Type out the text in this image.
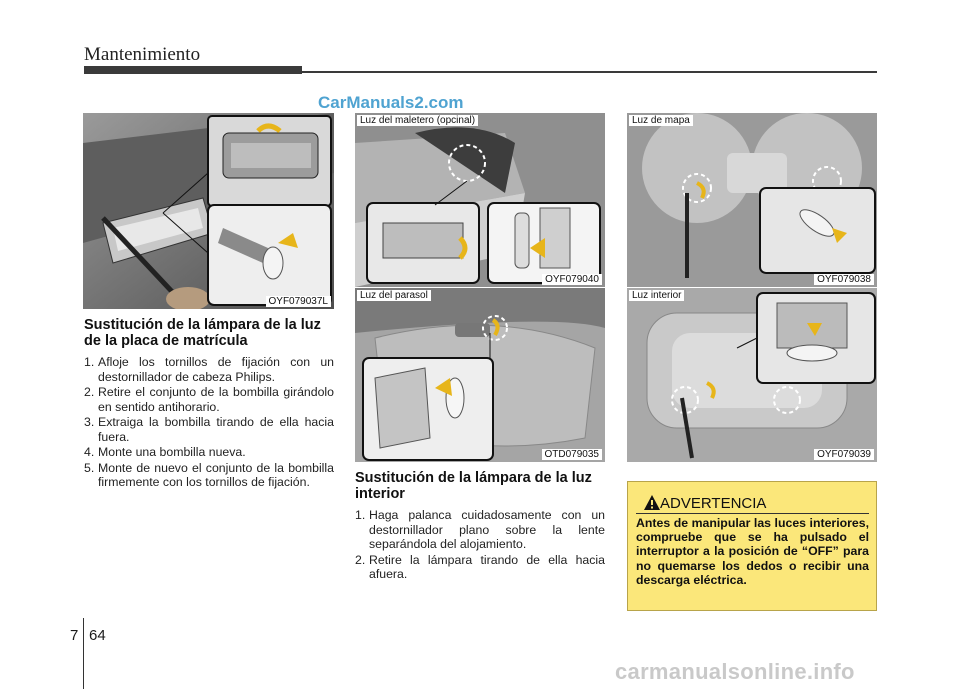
Mantenimiento
OYF079037L
Sustitución de la lámpara de la luz de la placa de matrícula
1. Afloje los tornillos de fijación con un destornillador de cabeza Philips.
2. Retire el conjunto de la bombilla girándolo en sentido antihorario.
3. Extraiga la bombilla tirando de ella hacia fuera.
4. Monte una bombilla nueva.
5. Monte de nuevo el conjunto de la bombilla firmemente con los tornillos de fijación.
Luz del maletero (opcinal)
OYF079040
Luz del parasol
OTD079035
Sustitución de la lámpara de la luz interior
1. Haga palanca cuidadosamente con un destornillador plano sobre la lente separándola del alojamiento.
2. Retire la lámpara tirando de ella hacia afuera.
Luz de mapa
OYF079038
Luz interior
OYF079039
ADVERTENCIA
Antes de manipular las luces interiores, compruebe que se ha pulsado el interruptor a la posición de “OFF” para no quemarse los dedos o recibir una descarga eléctrica.
CarManuals2.com
carmanualsonline.info
7 64
